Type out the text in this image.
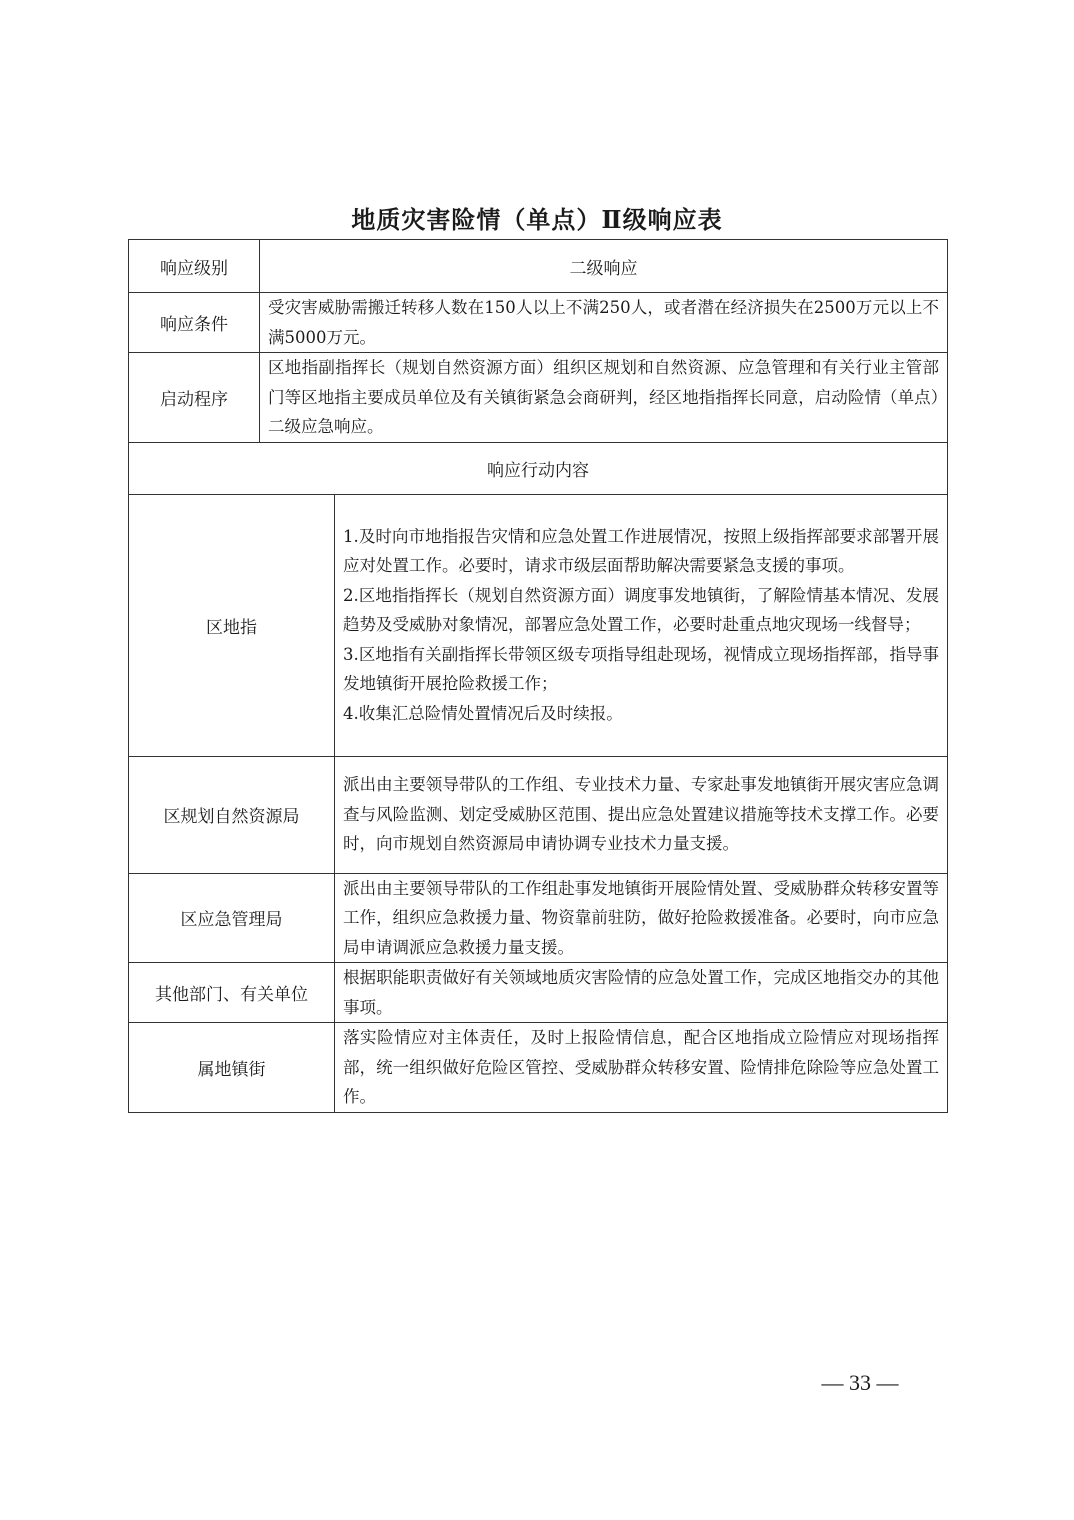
地质灾害险情（单点）Ⅱ级响应表
响应级别	二级响应	
响应条件	受灾害威胁需搬迁转移人数在150人以上不满250人，或者潜在经济损失在2500万元以上不满5000万元。	
启动程序	区地指副指挥长（规划自然资源方面）组织区规划和自然资源、应急管理和有关行业主管部门等区地指主要成员单位及有关镇街紧急会商研判，经区地指指挥长同意，启动险情（单点）二级应急响应。	
响应行动内容		
区地指		1.及时向市地指报告灾情和应急处置工作进展情况，按照上级指挥部要求部署开展应对处置工作。必要时，请求市级层面帮助解决需要紧急支援的事项。

2.区地指指挥长（规划自然资源方面）调度事发地镇街，了解险情基本情况、发展趋势及受威胁对象情况，部署应急处置工作，必要时赴重点地灾现场一线督导；

3.区地指有关副指挥长带领区级专项指导组赴现场，视情成立现场指挥部，指导事发地镇街开展抢险救援工作；

4.收集汇总险情处置情况后及时续报。

区规划自然资源局		派出由主要领导带队的工作组、专业技术力量、专家赴事发地镇街开展灾害应急调查与风险监测、划定受威胁区范围、提出应急处置建议措施等技术支撑工作。必要时，向市规划自然资源局申请协调专业技术力量支援。
区应急管理局		派出由主要领导带队的工作组赴事发地镇街开展险情处置、受威胁群众转移安置等工作，组织应急救援力量、物资靠前驻防，做好抢险救援准备。必要时，向市应急局申请调派应急救援力量支援。
其他部门、有关单位		根据职能职责做好有关领域地质灾害险情的应急处置工作，完成区地指交办的其他事项。
属地镇街		落实险情应对主体责任，及时上报险情信息，配合区地指成立险情应对现场指挥部，统一组织做好危险区管控、受威胁群众转移安置、险情排危除险等应急处置工作。
— 33 —
